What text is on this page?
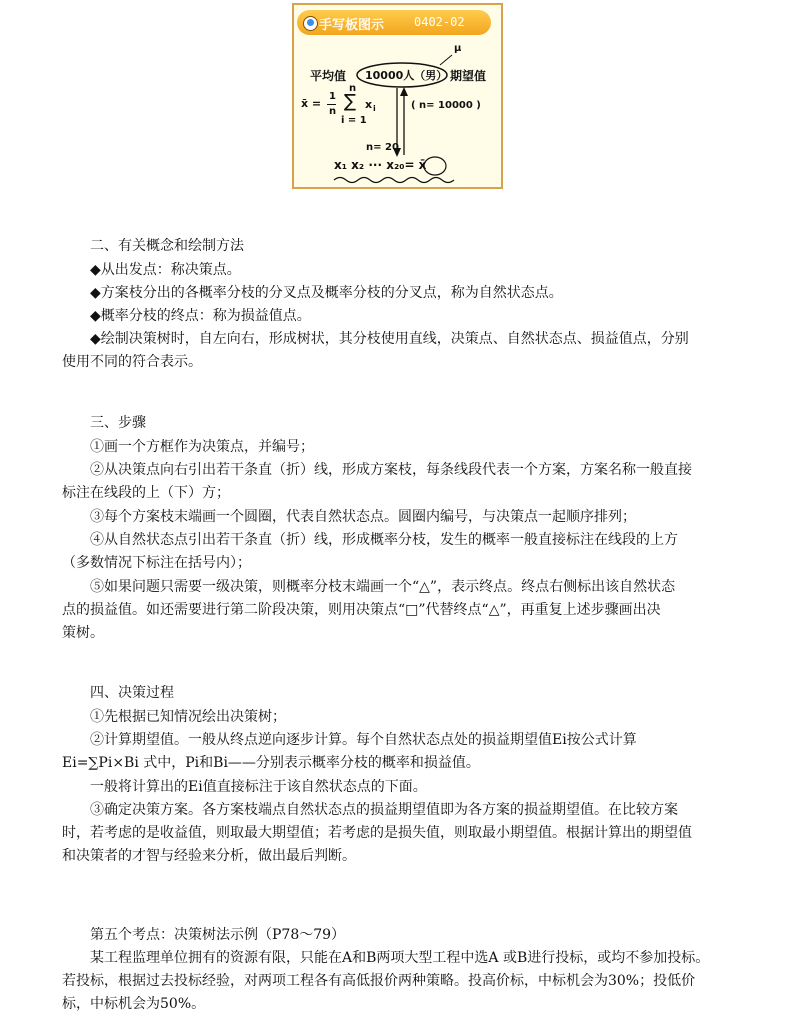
手写板图示 0402-02
μ
平均值 10000人（男） 期望值
x̄ =
1
n
n
∑ x i
i = 1
( n= 10000 )
n= 20
x₁ x₂ ··· x₂₀= x̄
二、有关概念和绘制方法
◆从出发点：称决策点。
◆方案枝分出的各概率分枝的分叉点及概率分枝的分叉点，称为自然状态点。
◆概率分枝的终点：称为损益值点。
◆绘制决策树时，自左向右，形成树状，其分枝使用直线，决策点、自然状态点、损益值点，分别
使用不同的符合表示。
三、步骤
①画一个方框作为决策点，并编号；
②从决策点向右引出若干条直（折）线，形成方案枝，每条线段代表一个方案，方案名称一般直接
标注在线段的上（下）方；
③每个方案枝末端画一个圆圈，代表自然状态点。圆圈内编号，与决策点一起顺序排列；
④从自然状态点引出若干条直（折）线，形成概率分枝，发生的概率一般直接标注在线段的上方
（多数情况下标注在括号内）；
⑤如果问题只需要一级决策，则概率分枝末端画一个“△”，表示终点。终点右侧标出该自然状态
点的损益值。如还需要进行第二阶段决策，则用决策点“□”代替终点“△”，再重复上述步骤画出决
策树。
四、决策过程
①先根据已知情况绘出决策树；
②计算期望值。一般从终点逆向逐步计算。每个自然状态点处的损益期望值Ei按公式计算
Ei=∑Pi×Bi 式中，Pi和Bi——分别表示概率分枝的概率和损益值。
一般将计算出的Ei值直接标注于该自然状态点的下面。
③确定决策方案。各方案枝端点自然状态点的损益期望值即为各方案的损益期望值。在比较方案
时，若考虑的是收益值，则取最大期望值；若考虑的是损失值，则取最小期望值。根据计算出的期望值
和决策者的才智与经验来分析，做出最后判断。
第五个考点：决策树法示例（P78～79）
某工程监理单位拥有的资源有限，只能在A和B两项大型工程中选A 或B进行投标，或均不参加投标。
若投标，根据过去投标经验，对两项工程各有高低报价两种策略。投高价标，中标机会为30%；投低价
标，中标机会为50%。
